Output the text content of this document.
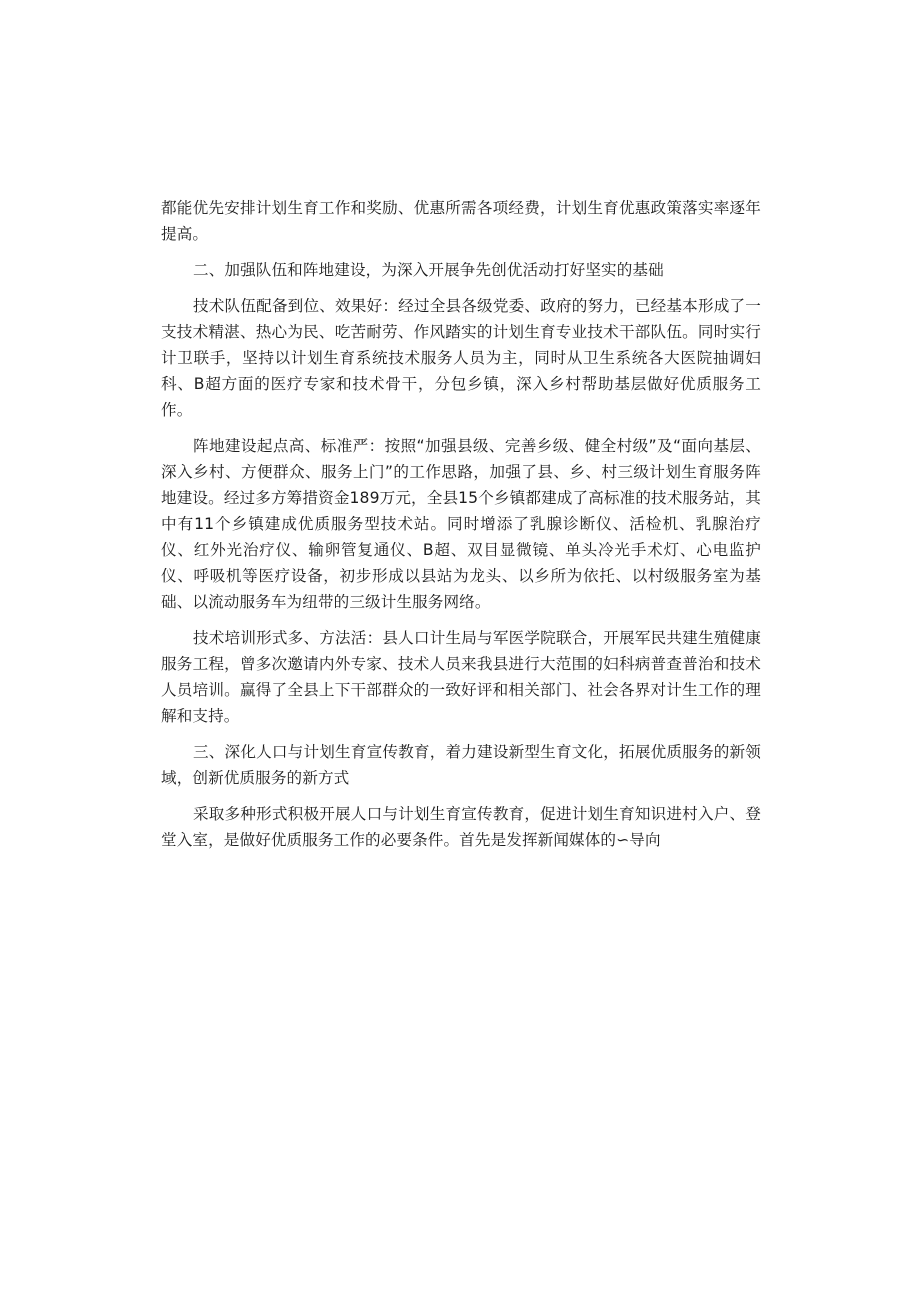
都能优先安排计划生育工作和奖励、优惠所需各项经费，计划生育优惠政策落实率逐年提高。

二、加强队伍和阵地建设，为深入开展争先创优活动打好坚实的基础

技术队伍配备到位、效果好：经过全县各级党委、政府的努力，已经基本形成了一支技术精湛、热心为民、吃苦耐劳、作风踏实的计划生育专业技术干部队伍。同时实行计卫联手，坚持以计划生育系统技术服务人员为主，同时从卫生系统各大医院抽调妇科、B超方面的医疗专家和技术骨干，分包乡镇，深入乡村帮助基层做好优质服务工作。

阵地建设起点高、标准严：按照“加强县级、完善乡级、健全村级”及“面向基层、深入乡村、方便群众、服务上门”的工作思路，加强了县、乡、村三级计划生育服务阵地建设。经过多方筹措资金189万元，全县15个乡镇都建成了高标准的技术服务站，其中有11个乡镇建成优质服务型技术站。同时增添了乳腺诊断仪、活检机、乳腺治疗仪、红外光治疗仪、输卵管复通仪、B超、双目显微镜、单头冷光手术灯、心电监护仪、呼吸机等医疗设备，初步形成以县站为龙头、以乡所为依托、以村级服务室为基础、以流动服务车为纽带的三级计生服务网络。

技术培训形式多、方法活：县人口计生局与军医学院联合，开展军民共建生殖健康服务工程，曾多次邀请内外专家、技术人员来我县进行大范围的妇科病普查普治和技术人员培训。赢得了全县上下干部群众的一致好评和相关部门、社会各界对计生工作的理解和支持。

三、深化人口与计划生育宣传教育，着力建设新型生育文化，拓展优质服务的新领域，创新优质服务的新方式

采取多种形式积极开展人口与计划生育宣传教育，促进计划生育知识进村入户、登堂入室，是做好优质服务工作的必要条件。首先是发挥新闻媒体的∽导向
